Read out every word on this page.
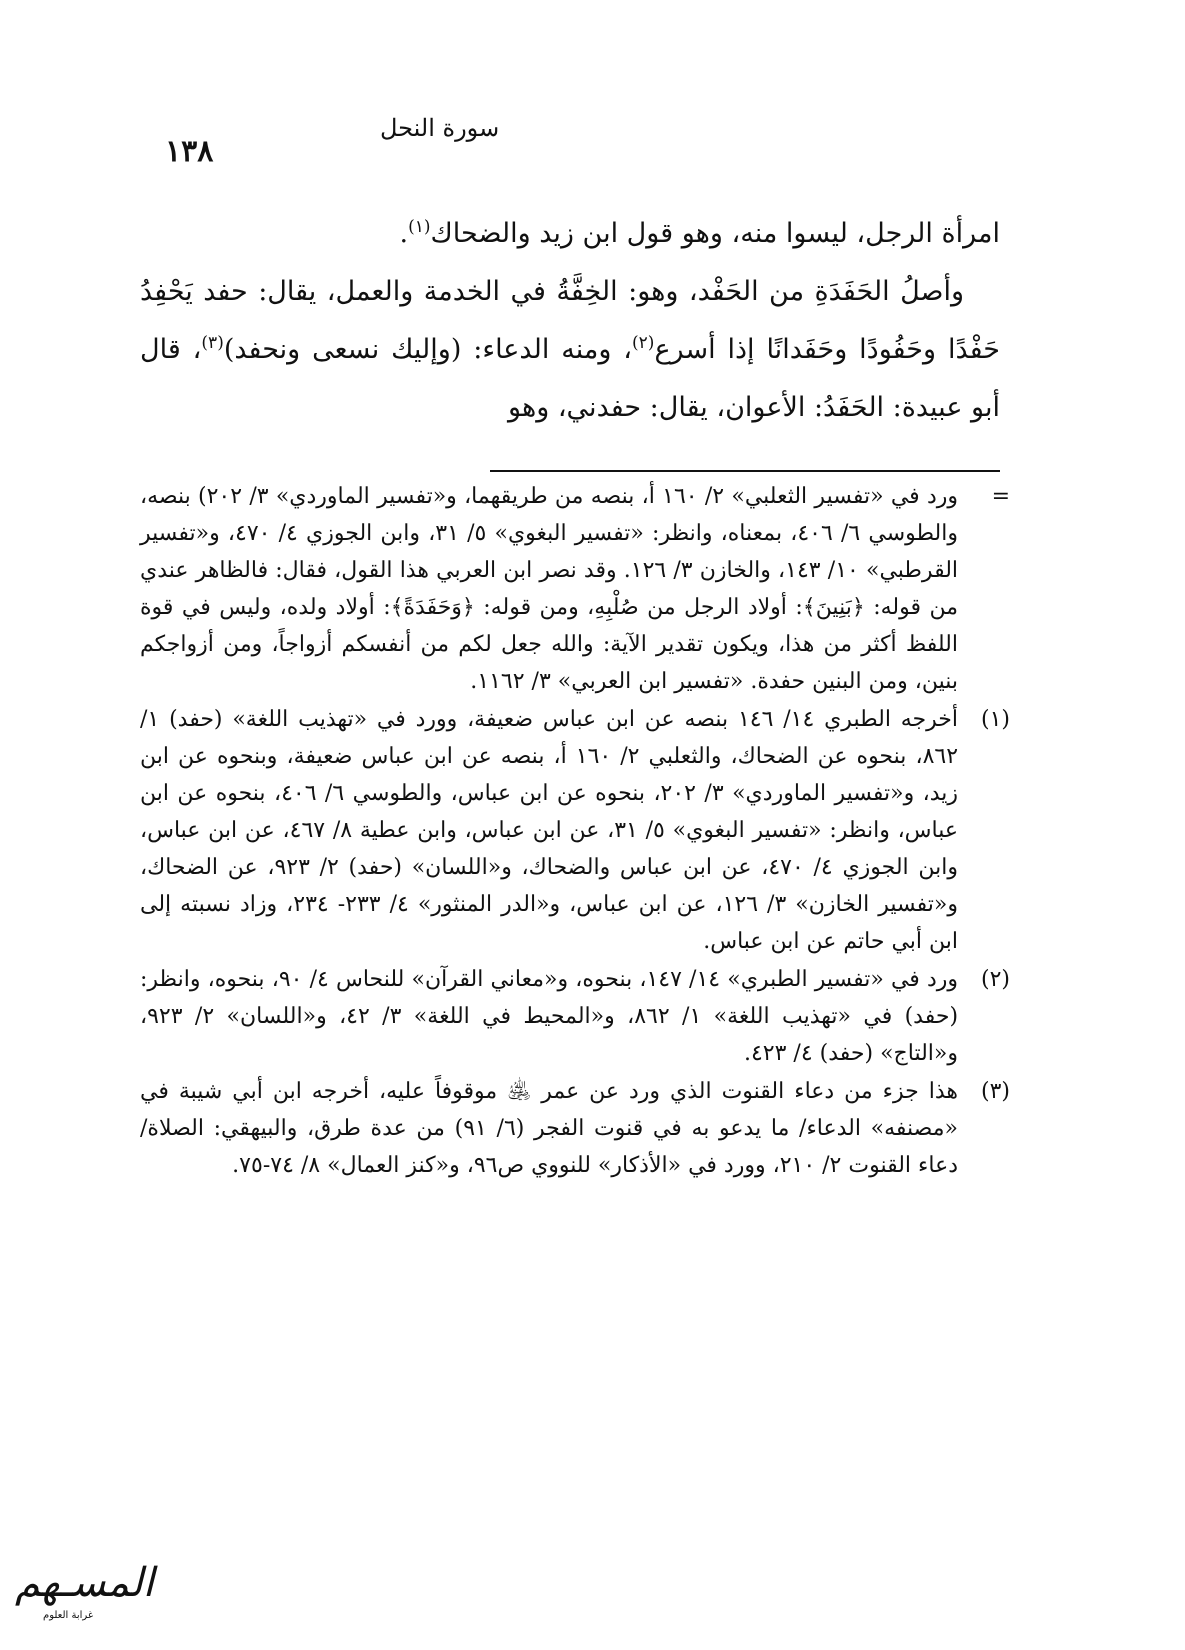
١٣٨
سورة النحل

امرأة الرجل، ليسوا منه، وهو قول ابن زيد والضحاك$^{(١)}$.

وأصلُ الحَفَدَةِ من الحَفْد، وهو: الخِفَّةُ في الخدمة والعمل، يقال: حفد يَحْفِدُ حَفْدًا وحَفُودًا وحَفَدانًا إذا أسرع$^{(٢)}$، ومنه الدعاء: (وإليك نسعى ونحفد)$^{(٣)}$، قال أبو عبيدة: الحَفَدُ: الأعوان، يقال: حفدني، وهو

=
ورد في «تفسير الثعلبي» ٢/ ١٦٠ أ، بنصه من طريقهما، و«تفسير الماوردي» ٣/ ٢٠٢) بنصه، والطوسي ٦/ ٤٠٦، بمعناه، وانظر: «تفسير البغوي» ٥/ ٣١، وابن الجوزي ٤/ ٤٧٠، و«تفسير القرطبي» ١٠/ ١٤٣، والخازن ٣/ ١٢٦. وقد نصر ابن العربي هذا القول، فقال: فالظاهر عندي من قوله: ﴿بَنِينَ﴾: أولاد الرجل من صُلْبِهِ، ومن قوله: ﴿وَحَفَدَةً﴾: أولاد ولده، وليس في قوة اللفظ أكثر من هذا، ويكون تقدير الآية: والله جعل لكم من أنفسكم أزواجاً، ومن أزواجكم بنين، ومن البنين حفدة. «تفسير ابن العربي» ٣/ ١١٦٢.
(١)
أخرجه الطبري ١٤/ ١٤٦ بنصه عن ابن عباس ضعيفة، وورد في «تهذيب اللغة» (حفد) ١/ ٨٦٢، بنحوه عن الضحاك، والثعلبي ٢/ ١٦٠ أ، بنصه عن ابن عباس ضعيفة، وبنحوه عن ابن زيد، و«تفسير الماوردي» ٣/ ٢٠٢، بنحوه عن ابن عباس، والطوسي ٦/ ٤٠٦، بنحوه عن ابن عباس، وانظر: «تفسير البغوي» ٥/ ٣١، عن ابن عباس، وابن عطية ٨/ ٤٦٧، عن ابن عباس، وابن الجوزي ٤/ ٤٧٠، عن ابن عباس والضحاك، و«اللسان» (حفد) ٢/ ٩٢٣، عن الضحاك، و«تفسير الخازن» ٣/ ١٢٦، عن ابن عباس، و«الدر المنثور» ٤/ ٢٣٣- ٢٣٤، وزاد نسبته إلى ابن أبي حاتم عن ابن عباس.
(٢)
ورد في «تفسير الطبري» ١٤/ ١٤٧، بنحوه، و«معاني القرآن» للنحاس ٤/ ٩٠، بنحوه، وانظر: (حفد) في «تهذيب اللغة» ١/ ٨٦٢، و«المحيط في اللغة» ٣/ ٤٢، و«اللسان» ٢/ ٩٢٣، و«التاج» (حفد) ٤/ ٤٢٣.
(٣)
هذا جزء من دعاء القنوت الذي ورد عن عمر ﵁ موقوفاً عليه، أخرجه ابن أبي شيبة في «مصنفه» الدعاء/ ما يدعو به في قنوت الفجر (٦/ ٩١) من عدة طرق، والبيهقي: الصلاة/ دعاء القنوت ٢/ ٢١٠، وورد في «الأذكار» للنووي ص٩٦، و«كنز العمال» ٨/ ٧٤-٧٥.
المسـهم
غرابة العلوم
